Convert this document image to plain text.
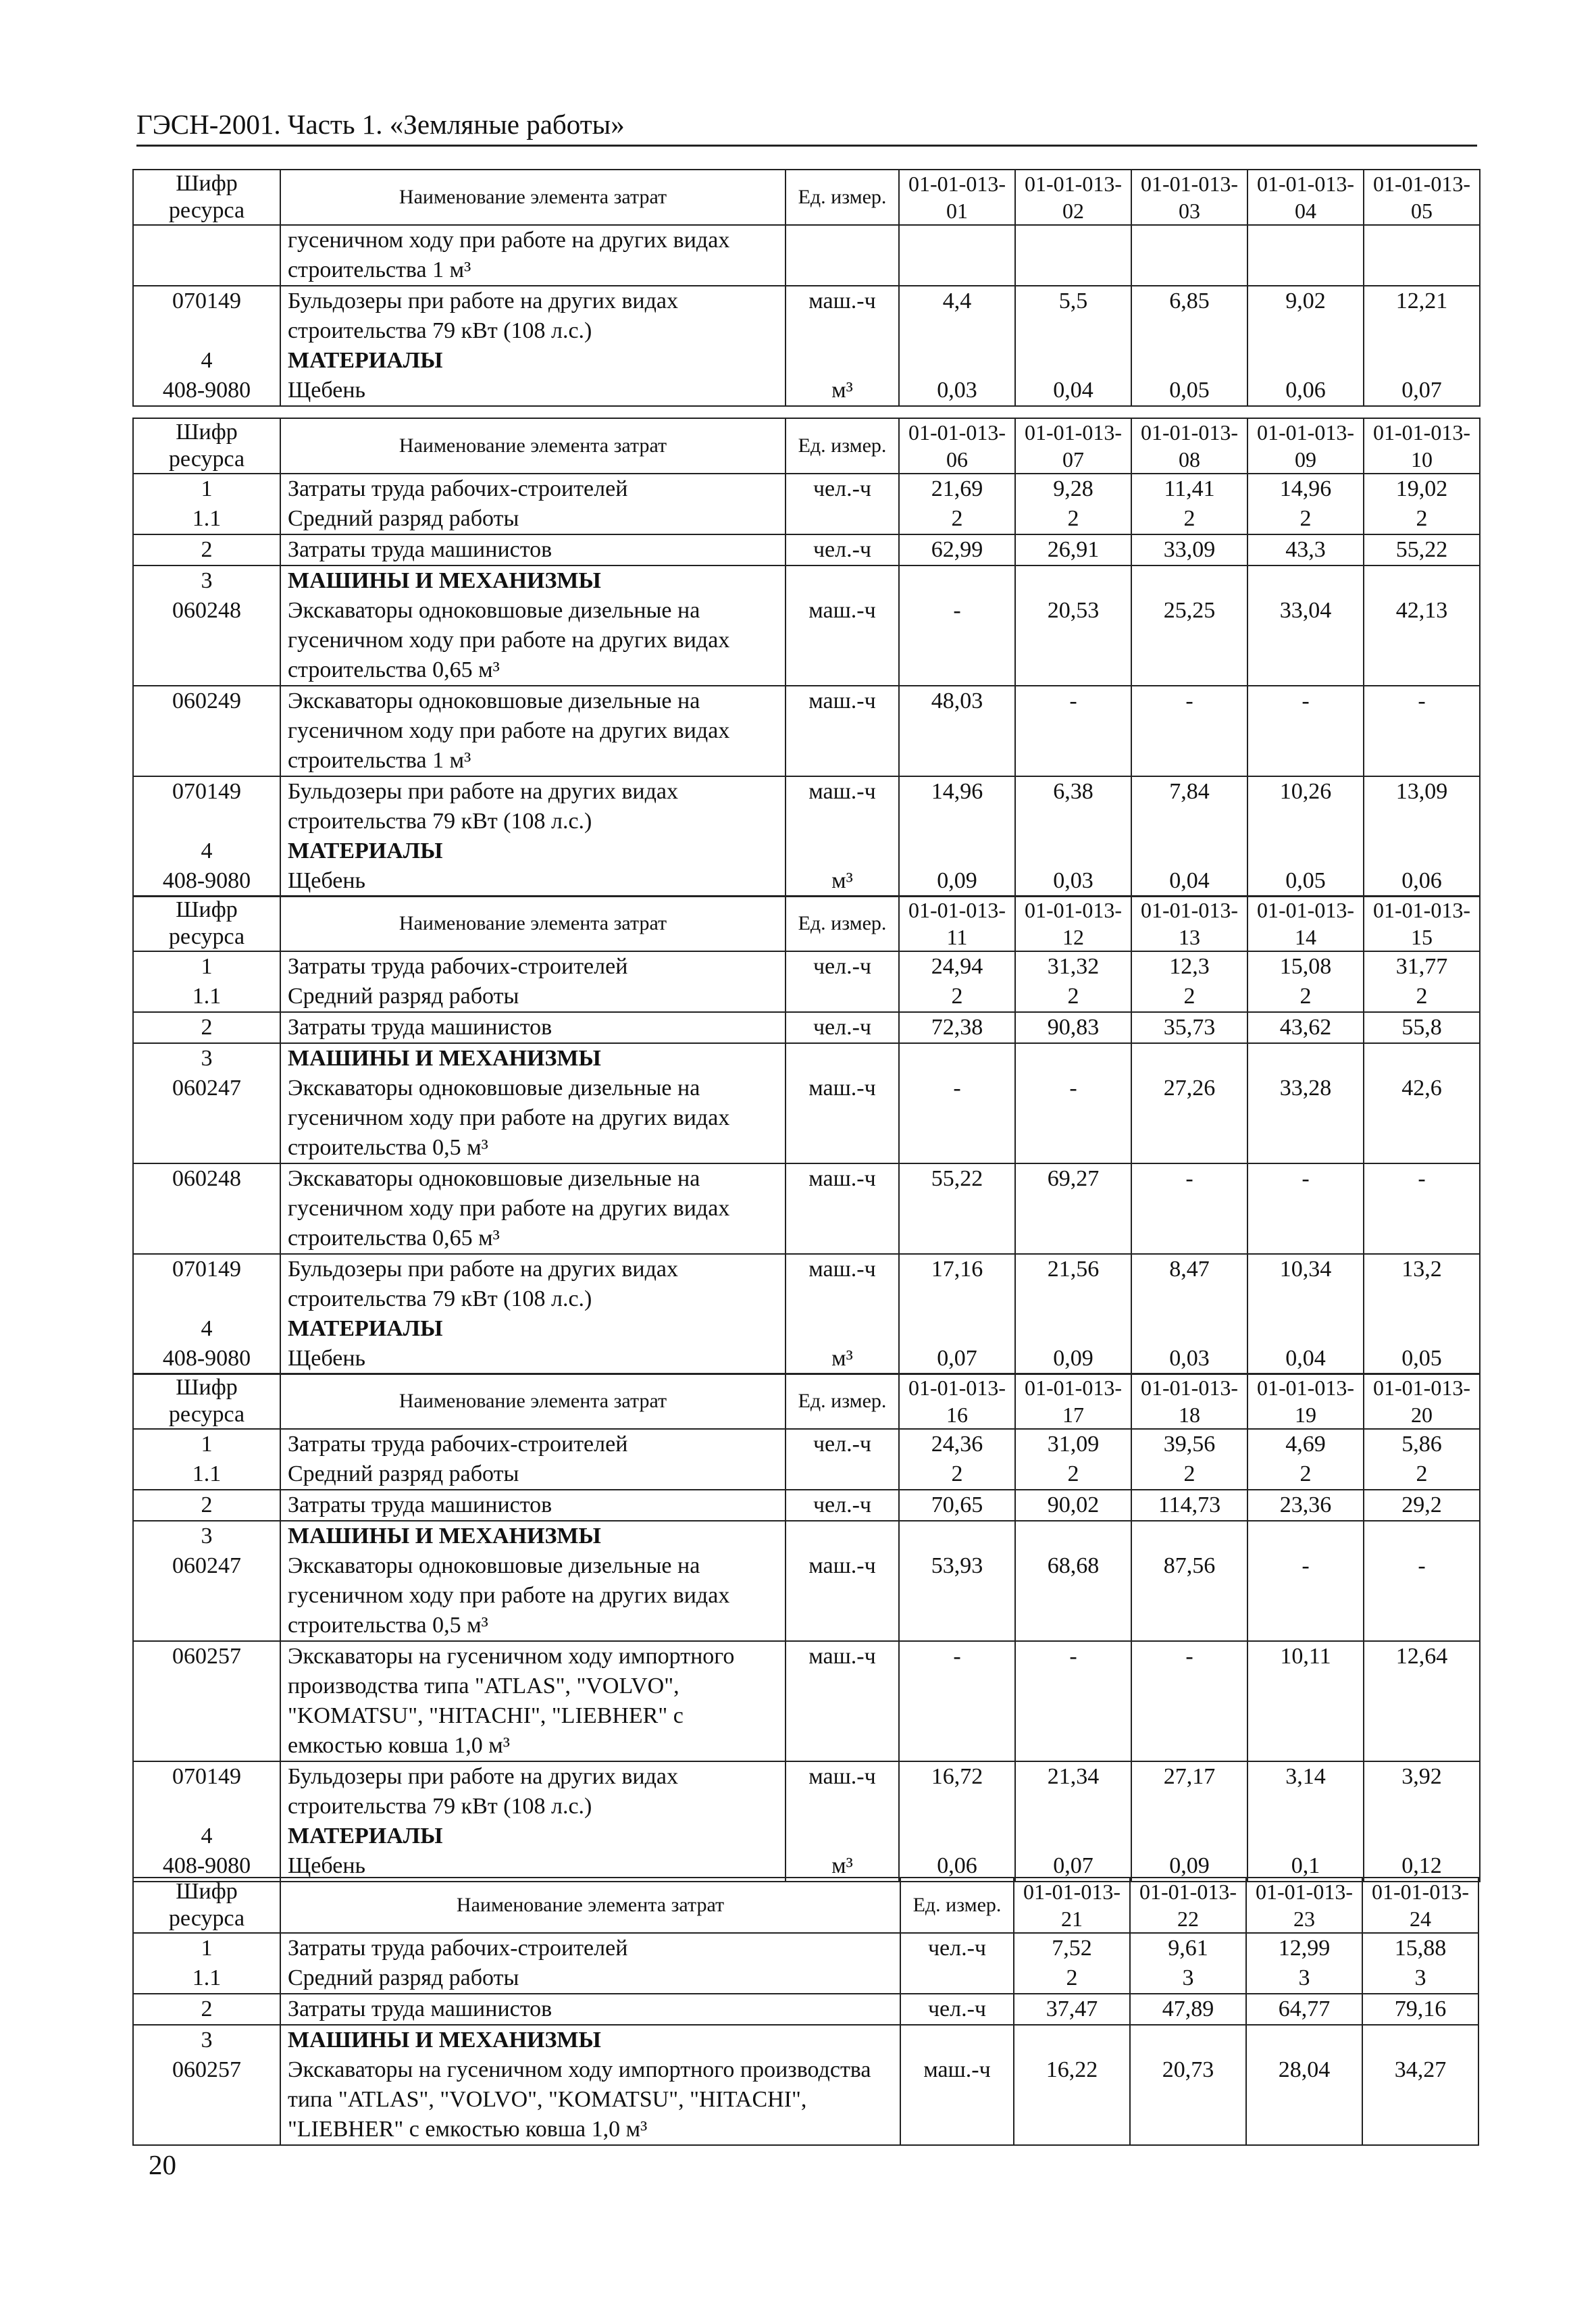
ГЭСН-2001. Часть 1. «Земляные работы»
Шифр ресурса	Наименование элемента затрат	Ед. измер.	01-01-013-01	01-01-013-02	01-01-013-03	01-01-013-04	01-01-013-05
	гусеничном ходу при работе на других видах строительства 1 м³						
070149	Бульдозеры при работе на других видах строительства 79 кВт (108 л.с.)	маш.-ч	4,4	5,5	6,85	9,02	12,21
4	МАТЕРИАЛЫ						
408-9080	Щебень	м³	0,03	0,04	0,05	0,06	0,07
Шифр ресурса	Наименование элемента затрат	Ед. измер.	01-01-013-06	01-01-013-07	01-01-013-08	01-01-013-09	01-01-013-10
1	Затраты труда рабочих-строителей	чел.-ч	21,69	9,28	11,41	14,96	19,02
1.1	Средний разряд работы		2	2	2	2	2
2	Затраты труда машинистов	чел.-ч	62,99	26,91	33,09	43,3	55,22
3	МАШИНЫ И МЕХАНИЗМЫ						
060248	Экскаваторы одноковшовые дизельные на гусеничном ходу при работе на других видах строительства 0,65 м³	маш.-ч	-	20,53	25,25	33,04	42,13
060249	Экскаваторы одноковшовые дизельные на гусеничном ходу при работе на других видах строительства 1 м³	маш.-ч	48,03	-	-	-	-
070149	Бульдозеры при работе на других видах строительства 79 кВт (108 л.с.)	маш.-ч	14,96	6,38	7,84	10,26	13,09
4	МАТЕРИАЛЫ						
408-9080	Щебень	м³	0,09	0,03	0,04	0,05	0,06
Шифр ресурса	Наименование элемента затрат	Ед. измер.	01-01-013-11	01-01-013-12	01-01-013-13	01-01-013-14	01-01-013-15
1	Затраты труда рабочих-строителей	чел.-ч	24,94	31,32	12,3	15,08	31,77
1.1	Средний разряд работы		2	2	2	2	2
2	Затраты труда машинистов	чел.-ч	72,38	90,83	35,73	43,62	55,8
3	МАШИНЫ И МЕХАНИЗМЫ						
060247	Экскаваторы одноковшовые дизельные на гусеничном ходу при работе на других видах строительства 0,5 м³	маш.-ч	-	-	27,26	33,28	42,6
060248	Экскаваторы одноковшовые дизельные на гусеничном ходу при работе на других видах строительства 0,65 м³	маш.-ч	55,22	69,27	-	-	-
070149	Бульдозеры при работе на других видах строительства 79 кВт (108 л.с.)	маш.-ч	17,16	21,56	8,47	10,34	13,2
4	МАТЕРИАЛЫ						
408-9080	Щебень	м³	0,07	0,09	0,03	0,04	0,05
Шифр ресурса	Наименование элемента затрат	Ед. измер.	01-01-013-16	01-01-013-17	01-01-013-18	01-01-013-19	01-01-013-20
1	Затраты труда рабочих-строителей	чел.-ч	24,36	31,09	39,56	4,69	5,86
1.1	Средний разряд работы		2	2	2	2	2
2	Затраты труда машинистов	чел.-ч	70,65	90,02	114,73	23,36	29,2
3	МАШИНЫ И МЕХАНИЗМЫ						
060247	Экскаваторы одноковшовые дизельные на гусеничном ходу при работе на других видах строительства 0,5 м³	маш.-ч	53,93	68,68	87,56	-	-
060257	Экскаваторы на гусеничном ходу импортного производства типа "ATLAS", "VOLVO", "KOMATSU", "HITACHI", "LIEBHER" с емкостью ковша 1,0 м³	маш.-ч	-	-	-	10,11	12,64
070149	Бульдозеры при работе на других видах строительства 79 кВт (108 л.с.)	маш.-ч	16,72	21,34	27,17	3,14	3,92
4	МАТЕРИАЛЫ						
408-9080	Щебень	м³	0,06	0,07	0,09	0,1	0,12
Шифр ресурса	Наименование элемента затрат	Ед. измер.	01-01-013-21	01-01-013-22	01-01-013-23	01-01-013-24
1	Затраты труда рабочих-строителей	чел.-ч	7,52	9,61	12,99	15,88
1.1	Средний разряд работы		2	3	3	3
2	Затраты труда машинистов	чел.-ч	37,47	47,89	64,77	79,16
3	МАШИНЫ И МЕХАНИЗМЫ					
060257	Экскаваторы на гусеничном ходу импортного производства типа "ATLAS", "VOLVO", "KOMATSU", "HITACHI", "LIEBHER" с емкостью ковша 1,0 м³	маш.-ч	16,22	20,73	28,04	34,27
20
